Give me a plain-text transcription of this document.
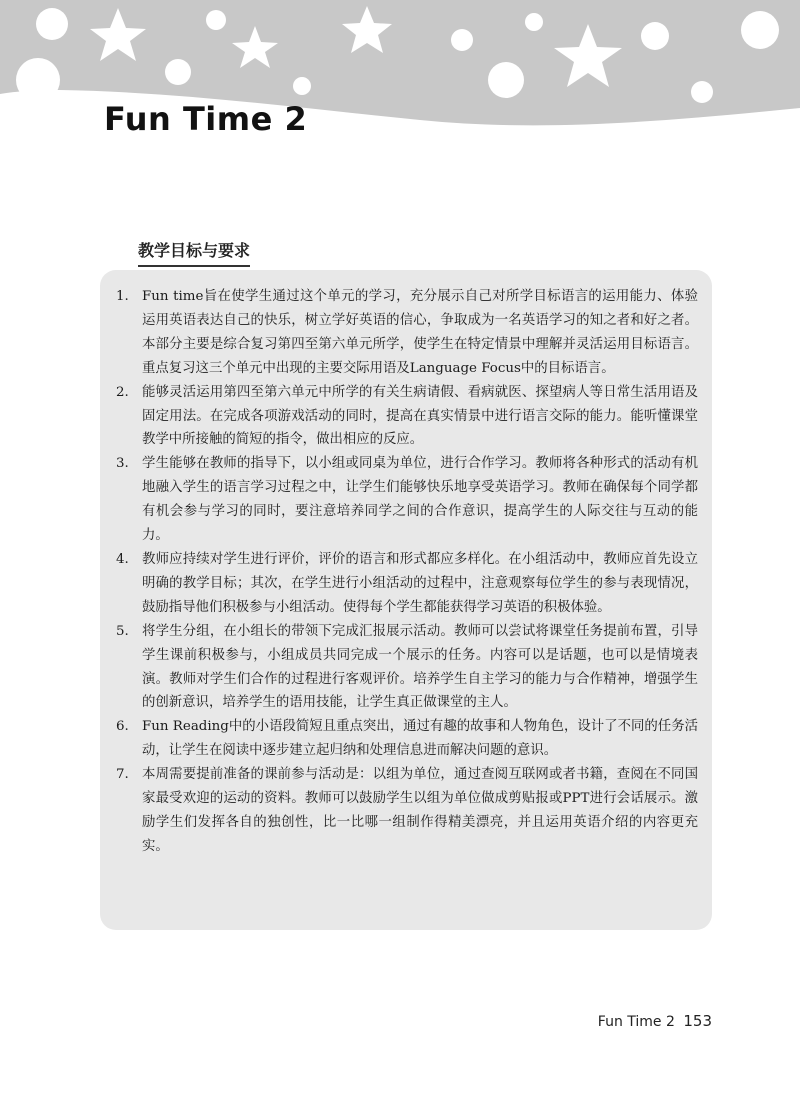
Fun Time 2
教学目标与要求
1. Fun time旨在使学生通过这个单元的学习，充分展示自己对所学目标语言的运用能力、体验运用英语表达自己的快乐，树立学好英语的信心，争取成为一名英语学习的知之者和好之者。本部分主要是综合复习第四至第六单元所学，使学生在特定情景中理解并灵活运用目标语言。重点复习这三个单元中出现的主要交际用语及Language Focus中的目标语言。
2. 能够灵活运用第四至第六单元中所学的有关生病请假、看病就医、探望病人等日常生活用语及固定用法。在完成各项游戏活动的同时，提高在真实情景中进行语言交际的能力。能听懂课堂教学中所接触的简短的指令，做出相应的反应。
3. 学生能够在教师的指导下，以小组或同桌为单位，进行合作学习。教师将各种形式的活动有机地融入学生的语言学习过程之中，让学生们能够快乐地享受英语学习。教师在确保每个同学都有机会参与学习的同时，要注意培养同学之间的合作意识，提高学生的人际交往与互动的能力。
4. 教师应持续对学生进行评价，评价的语言和形式都应多样化。在小组活动中，教师应首先设立明确的教学目标；其次，在学生进行小组活动的过程中，注意观察每位学生的参与表现情况，鼓励指导他们积极参与小组活动。使得每个学生都能获得学习英语的积极体验。
5. 将学生分组，在小组长的带领下完成汇报展示活动。教师可以尝试将课堂任务提前布置，引导学生课前积极参与，小组成员共同完成一个展示的任务。内容可以是话题，也可以是情境表演。教师对学生们合作的过程进行客观评价。培养学生自主学习的能力与合作精神，增强学生的创新意识，培养学生的语用技能，让学生真正做课堂的主人。
6. Fun Reading中的小语段简短且重点突出，通过有趣的故事和人物角色，设计了不同的任务活动，让学生在阅读中逐步建立起归纳和处理信息进而解决问题的意识。
7. 本周需要提前准备的课前参与活动是：以组为单位，通过查阅互联网或者书籍，查阅在不同国家最受欢迎的运动的资料。教师可以鼓励学生以组为单位做成剪贴报或PPT进行会话展示。激励学生们发挥各自的独创性，比一比哪一组制作得精美漂亮，并且运用英语介绍的内容更充实。
Fun Time 2 153
